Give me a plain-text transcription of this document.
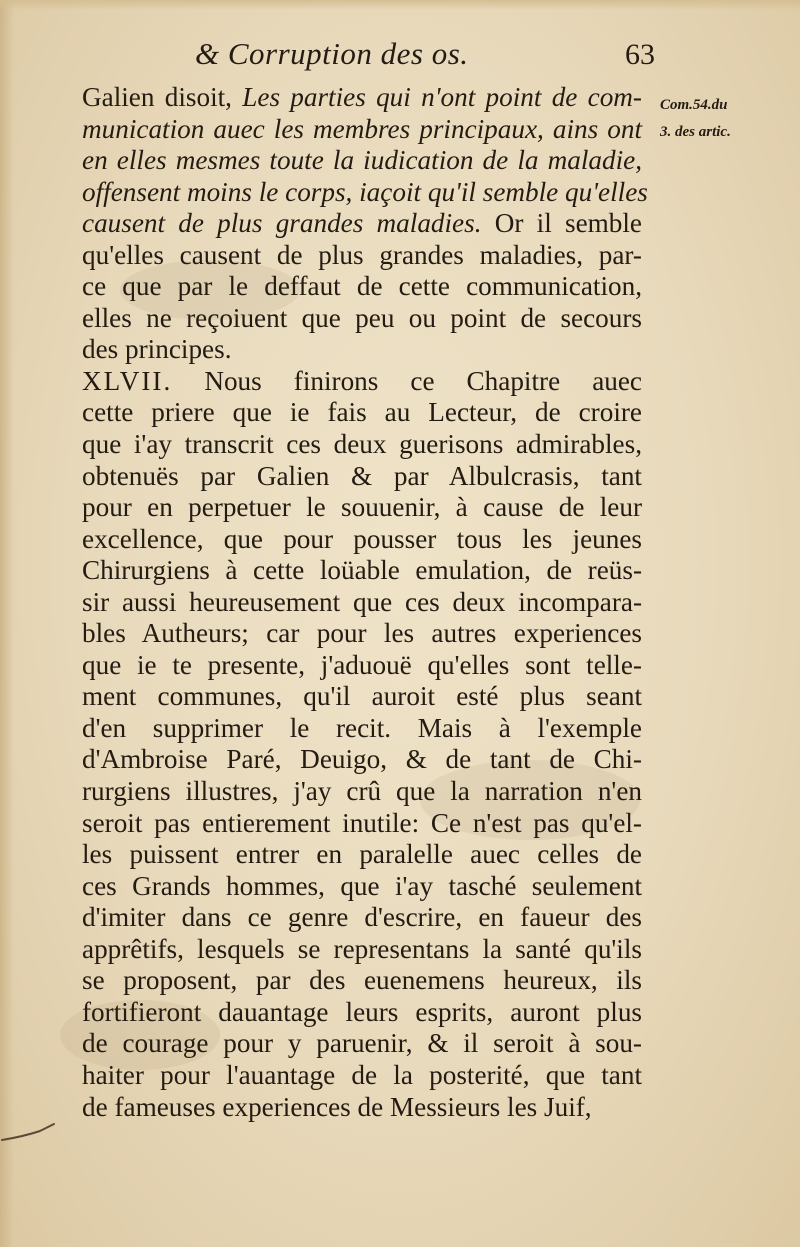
& Corruption des os.	63
Com.54.du
3. des artic.
Galien disoit, Les parties qui n'ont point de com-
munication auec les membres principaux, ains ont
en elles mesmes toute la iudication de la maladie,
offensent moins le corps, iaçoit qu'il semble qu'elles
causent de plus grandes maladies. Or il semble
qu'elles causent de plus grandes maladies, par-
ce que par le deffaut de cette communication,
elles ne reçoiuent que peu ou point de secours
des principes.
XLVII. Nous finirons ce Chapitre auec
cette priere que ie fais au Lecteur, de croire
que i'ay transcrit ces deux guerisons admirables,
obtenuës par Galien & par Albulcrasis, tant
pour en perpetuer le souuenir, à cause de leur
excellence, que pour pousser tous les jeunes
Chirurgiens à cette loüable emulation, de reüs-
sir aussi heureusement que ces deux incompara-
bles Autheurs; car pour les autres experiences
que ie te presente, j'aduouë qu'elles sont telle-
ment communes, qu'il auroit esté plus seant
d'en supprimer le recit. Mais à l'exemple
d'Ambroise Paré, Deuigo, & de tant de Chi-
rurgiens illustres, j'ay crû que la narration n'en
seroit pas entierement inutile: Ce n'est pas qu'el-
les puissent entrer en paralelle auec celles de
ces Grands hommes, que i'ay tasché seulement
d'imiter dans ce genre d'escrire, en faueur des
apprêtifs, lesquels se representans la santé qu'ils
se proposent, par des euenemens heureux, ils
fortifieront dauantage leurs esprits, auront plus
de courage pour y paruenir, & il seroit à sou-
haiter pour l'auantage de la posterité, que tant
de fameuses experiences de Messieurs les Juif,
